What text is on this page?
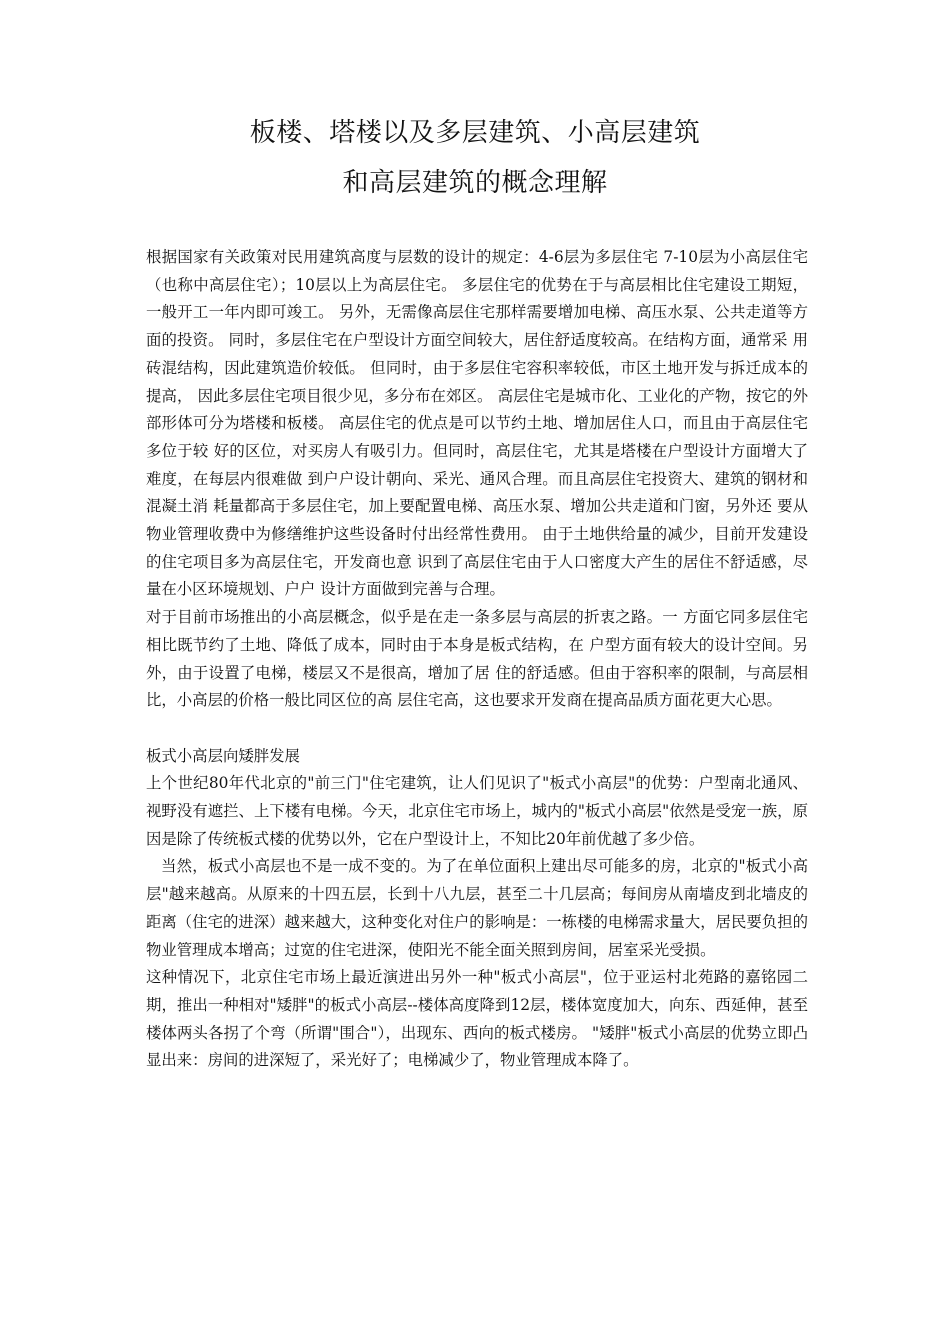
板楼、塔楼以及多层建筑、小高层建筑
和高层建筑的概念理解

根据国家有关政策对民用建筑高度与层数的设计的规定：4-6层为多层住宅 7-10层为小高层住宅（也称中高层住宅）；10层以上为高层住宅。 多层住宅的优势在于与高层相比住宅建设工期短，一般开工一年内即可竣工。 另外，无需像高层住宅那样需要增加电梯、高压水泵、公共走道等方面的投资。 同时，多层住宅在户型设计方面空间较大，居住舒适度较高。在结构方面，通常采 用砖混结构，因此建筑造价较低。 但同时，由于多层住宅容积率较低，市区土地开发与拆迁成本的提高， 因此多层住宅项目很少见，多分布在郊区。 高层住宅是城市化、工业化的产物，按它的外部形体可分为塔楼和板楼。 高层住宅的优点是可以节约土地、增加居住人口，而且由于高层住宅多位于较 好的区位，对买房人有吸引力。但同时，高层住宅，尤其是塔楼在户型设计方面增大了难度，在每层内很难做 到户户设计朝向、采光、通风合理。而且高层住宅投资大、建筑的钢材和混凝土消 耗量都高于多层住宅，加上要配置电梯、高压水泵、增加公共走道和门窗，另外还 要从物业管理收费中为修缮维护这些设备时付出经常性费用。 由于土地供给量的减少，目前开发建设的住宅项目多为高层住宅，开发商也意 识到了高层住宅由于人口密度大产生的居住不舒适感，尽量在小区环境规划、户户 设计方面做到完善与合理。

对于目前市场推出的小高层概念，似乎是在走一条多层与高层的折衷之路。一 方面它同多层住宅相比既节约了土地、降低了成本，同时由于本身是板式结构，在 户型方面有较大的设计空间。另外，由于设置了电梯，楼层又不是很高，增加了居 住的舒适感。但由于容积率的限制，与高层相比，小高层的价格一般比同区位的高 层住宅高，这也要求开发商在提高品质方面花更大心思。

板式小高层向矮胖发展

上个世纪80年代北京的"前三门"住宅建筑，让人们见识了"板式小高层"的优势：户型南北通风、视野没有遮拦、上下楼有电梯。今天，北京住宅市场上，城内的"板式小高层"依然是受宠一族，原因是除了传统板式楼的优势以外，它在户型设计上，不知比20年前优越了多少倍。

当然，板式小高层也不是一成不变的。为了在单位面积上建出尽可能多的房，北京的"板式小高层"越来越高。从原来的十四五层，长到十八九层，甚至二十几层高；每间房从南墙皮到北墙皮的距离（住宅的进深）越来越大，这种变化对住户的影响是：一栋楼的电梯需求量大，居民要负担的物业管理成本增高；过宽的住宅进深，使阳光不能全面关照到房间，居室采光受损。

这种情况下，北京住宅市场上最近演进出另外一种"板式小高层"，位于亚运村北苑路的嘉铭园二期，推出一种相对"矮胖"的板式小高层--楼体高度降到12层，楼体宽度加大，向东、西延伸，甚至楼体两头各拐了个弯（所谓"围合"），出现东、西向的板式楼房。 "矮胖"板式小高层的优势立即凸显出来：房间的进深短了，采光好了；电梯减少了，物业管理成本降了。
